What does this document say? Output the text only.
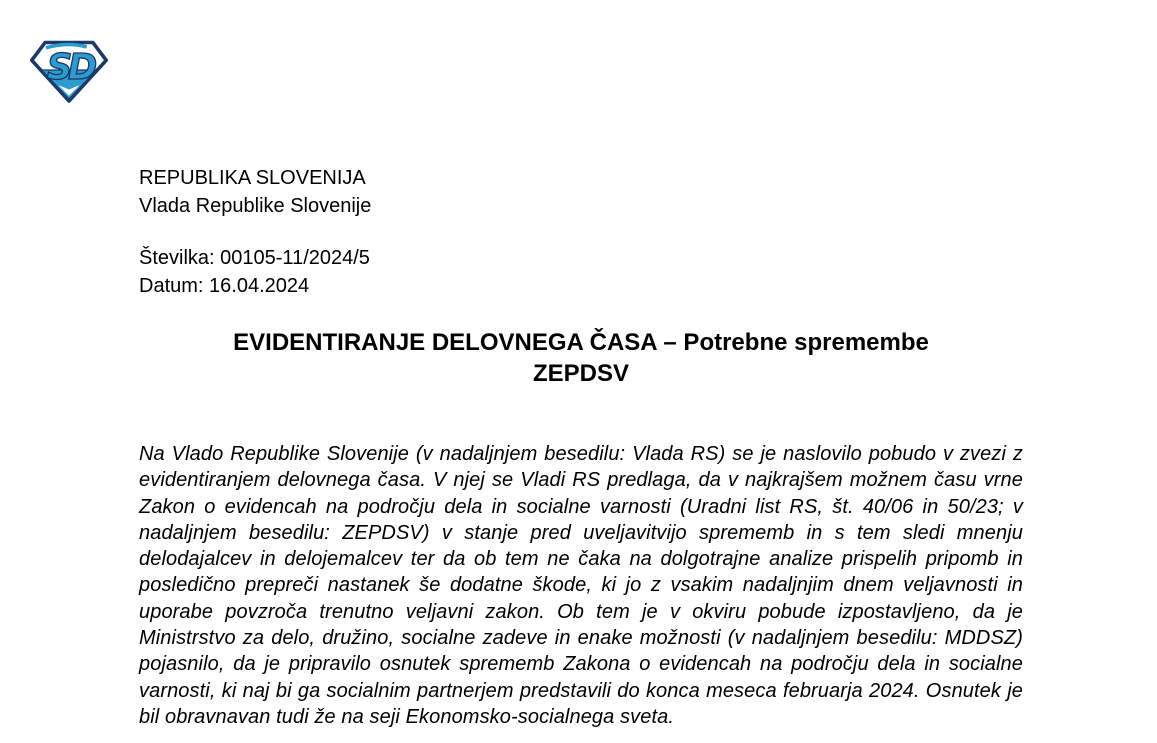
SD
REPUBLIKA SLOVENIJA
Vlada Republike Slovenije
Številka: 00105-11/2024/5
Datum: 16.04.2024
EVIDENTIRANJE DELOVNEGA ČASA – Potrebne spremembe
ZEPDSV

Na Vlado Republike Slovenije (v nadaljnjem besedilu: Vlada RS) se je naslovilo pobudo v zvezi z evidentiranjem delovnega časa. V njej se Vladi RS predlaga, da v najkrajšem možnem času vrne Zakon o evidencah na področju dela in socialne varnosti (Uradni list RS, št. 40/06 in 50/23; v nadaljnjem besedilu: ZEPDSV) v stanje pred uveljavitvijo sprememb in s tem sledi mnenju delodajalcev in delojemalcev ter da ob tem ne čaka na dolgotrajne analize prispelih pripomb in posledično prepreči nastanek še dodatne škode, ki jo z vsakim nadaljnjim dnem veljavnosti in uporabe povzroča trenutno veljavni zakon. Ob tem je v okviru pobude izpostavljeno, da je Ministrstvo za delo, družino, socialne zadeve in enake možnosti (v nadaljnjem besedilu: MDDSZ) pojasnilo, da je pripravilo osnutek sprememb Zakona o evidencah na področju dela in socialne varnosti, ki naj bi ga socialnim partnerjem predstavili do konca meseca februarja 2024. Osnutek je bil obravnavan tudi že na seji Ekonomsko-socialnega sveta.
